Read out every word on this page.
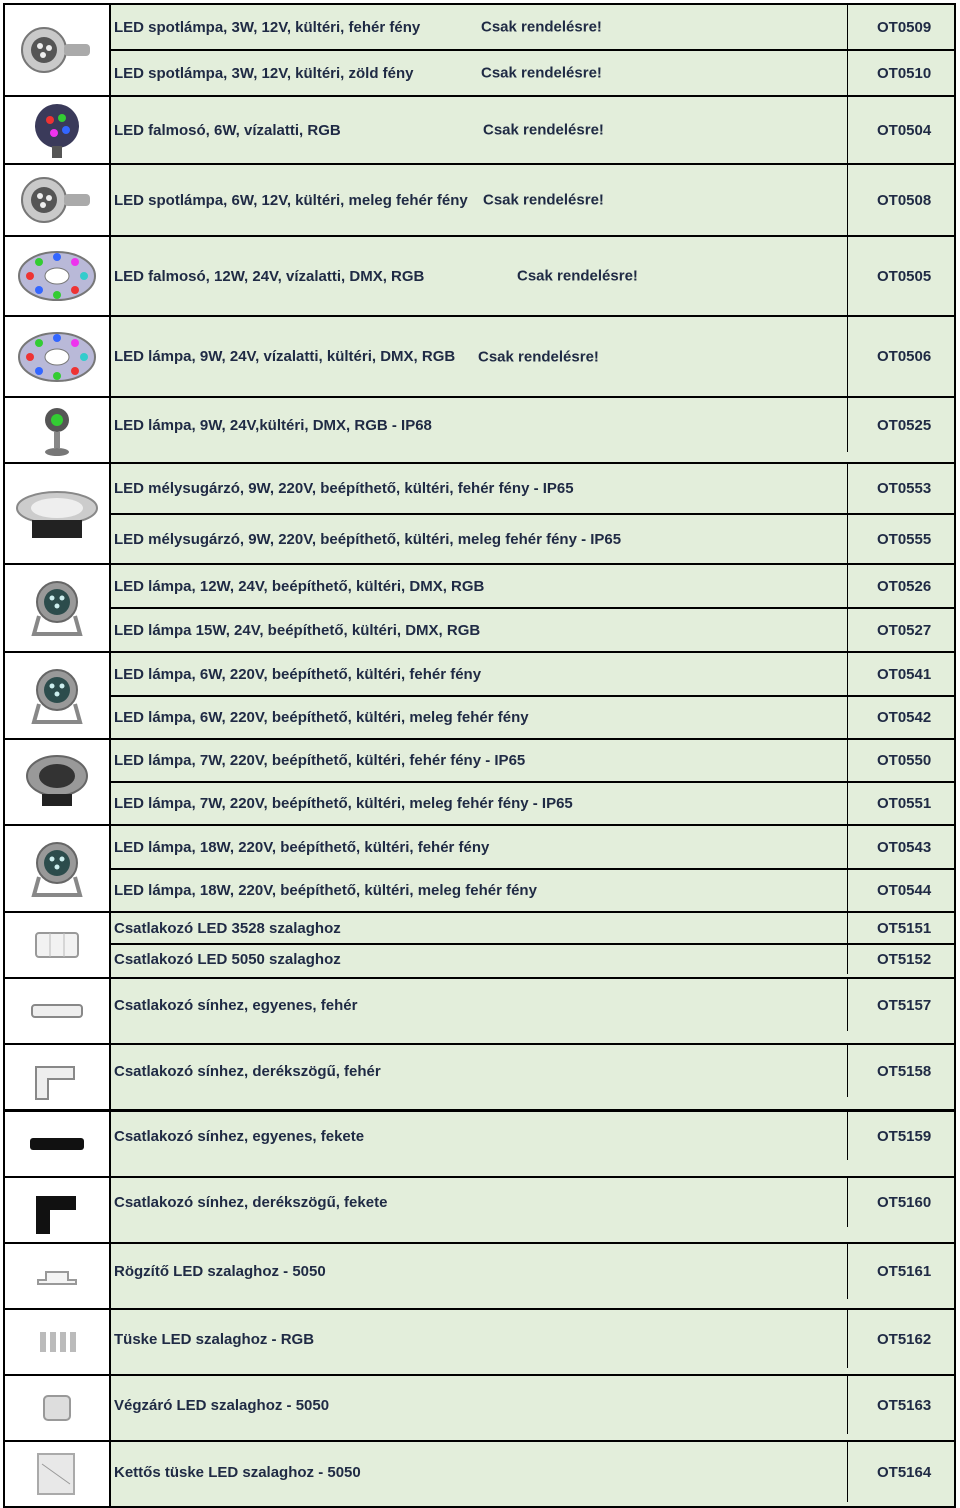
LED spotlámpa, 3W, 12V, kültéri, fehér fény	Csak rendelésre!	OT0509
LED spotlámpa, 3W, 12V, kültéri, zöld fény	Csak rendelésre!	OT0510
LED falmosó, 6W, vízalatti, RGB	Csak rendelésre!	OT0504
LED spotlámpa, 6W, 12V, kültéri, meleg fehér fény Csak rendelésre!	OT0508
LED falmosó, 12W, 24V, vízalatti, DMX, RGB	Csak rendelésre!	OT0505
LED lámpa, 9W, 24V, vízalatti, kültéri, DMX, RGB Csak rendelésre!	OT0506
LED lámpa, 9W, 24V,kültéri, DMX, RGB - IP68	OT0525
LED mélysugárzó, 9W, 220V, beépíthető, kültéri, fehér fény - IP65	OT0553
LED mélysugárzó, 9W, 220V, beépíthető, kültéri, meleg fehér fény - IP65	OT0555
LED lámpa, 12W, 24V, beépíthető, kültéri, DMX, RGB	OT0526
LED lámpa 15W, 24V, beépíthető, kültéri, DMX, RGB	OT0527
LED lámpa, 6W, 220V, beépíthető, kültéri, fehér fény	OT0541
LED lámpa, 6W, 220V, beépíthető, kültéri, meleg fehér fény	OT0542
LED lámpa, 7W, 220V, beépíthető, kültéri, fehér fény - IP65	OT0550
LED lámpa, 7W, 220V, beépíthető, kültéri, meleg fehér fény - IP65	OT0551
LED lámpa, 18W, 220V, beépíthető, kültéri, fehér fény	OT0543
LED lámpa, 18W, 220V, beépíthető, kültéri, meleg fehér fény	OT0544
Csatlakozó LED 3528 szalaghoz	OT5151
Csatlakozó LED 5050 szalaghoz	OT5152
Csatlakozó sínhez, egyenes, fehér	OT5157
Csatlakozó sínhez, derékszögű, fehér	OT5158
Csatlakozó sínhez, egyenes, fekete	OT5159
Csatlakozó sínhez, derékszögű, fekete	OT5160
Rögzítő LED szalaghoz - 5050	OT5161
Tüske LED szalaghoz - RGB	OT5162
Végzáró LED szalaghoz - 5050	OT5163
Kettős tüske LED szalaghoz - 5050	OT5164
